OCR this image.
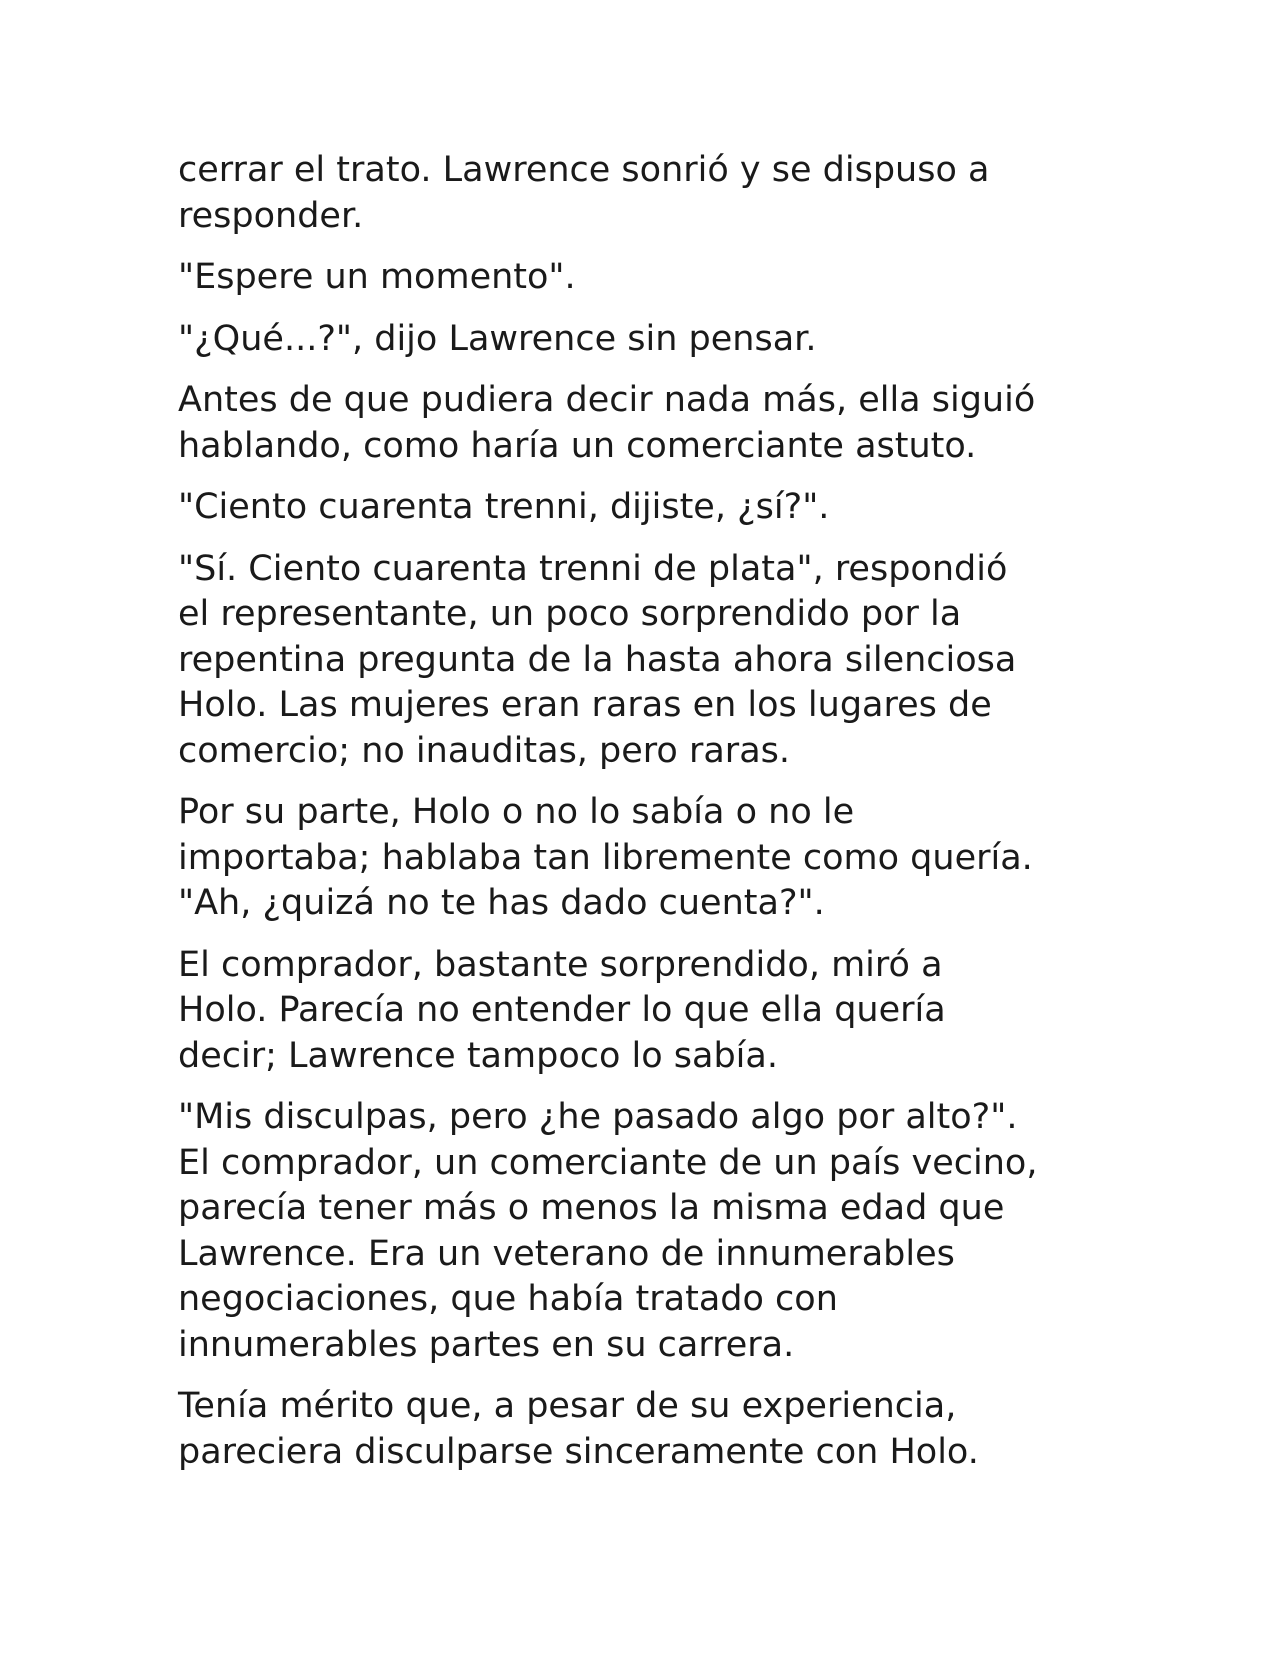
cerrar el trato. Lawrence sonrió y se dispuso a
responder.

"Espere un momento".

"¿Qué...?", dijo Lawrence sin pensar.

Antes de que pudiera decir nada más, ella siguió
hablando, como haría un comerciante astuto.

"Ciento cuarenta trenni, dijiste, ¿sí?".

"Sí. Ciento cuarenta trenni de plata", respondió
el representante, un poco sorprendido por la
repentina pregunta de la hasta ahora silenciosa
Holo. Las mujeres eran raras en los lugares de
comercio; no inauditas, pero raras.

Por su parte, Holo o no lo sabía o no le
importaba; hablaba tan libremente como quería.
"Ah, ¿quizá no te has dado cuenta?".

El comprador, bastante sorprendido, miró a
Holo. Parecía no entender lo que ella quería
decir; Lawrence tampoco lo sabía.

"Mis disculpas, pero ¿he pasado algo por alto?".
El comprador, un comerciante de un país vecino,
parecía tener más o menos la misma edad que
Lawrence. Era un veterano de innumerables
negociaciones, que había tratado con
innumerables partes en su carrera.

Tenía mérito que, a pesar de su experiencia,
pareciera disculparse sinceramente con Holo.
